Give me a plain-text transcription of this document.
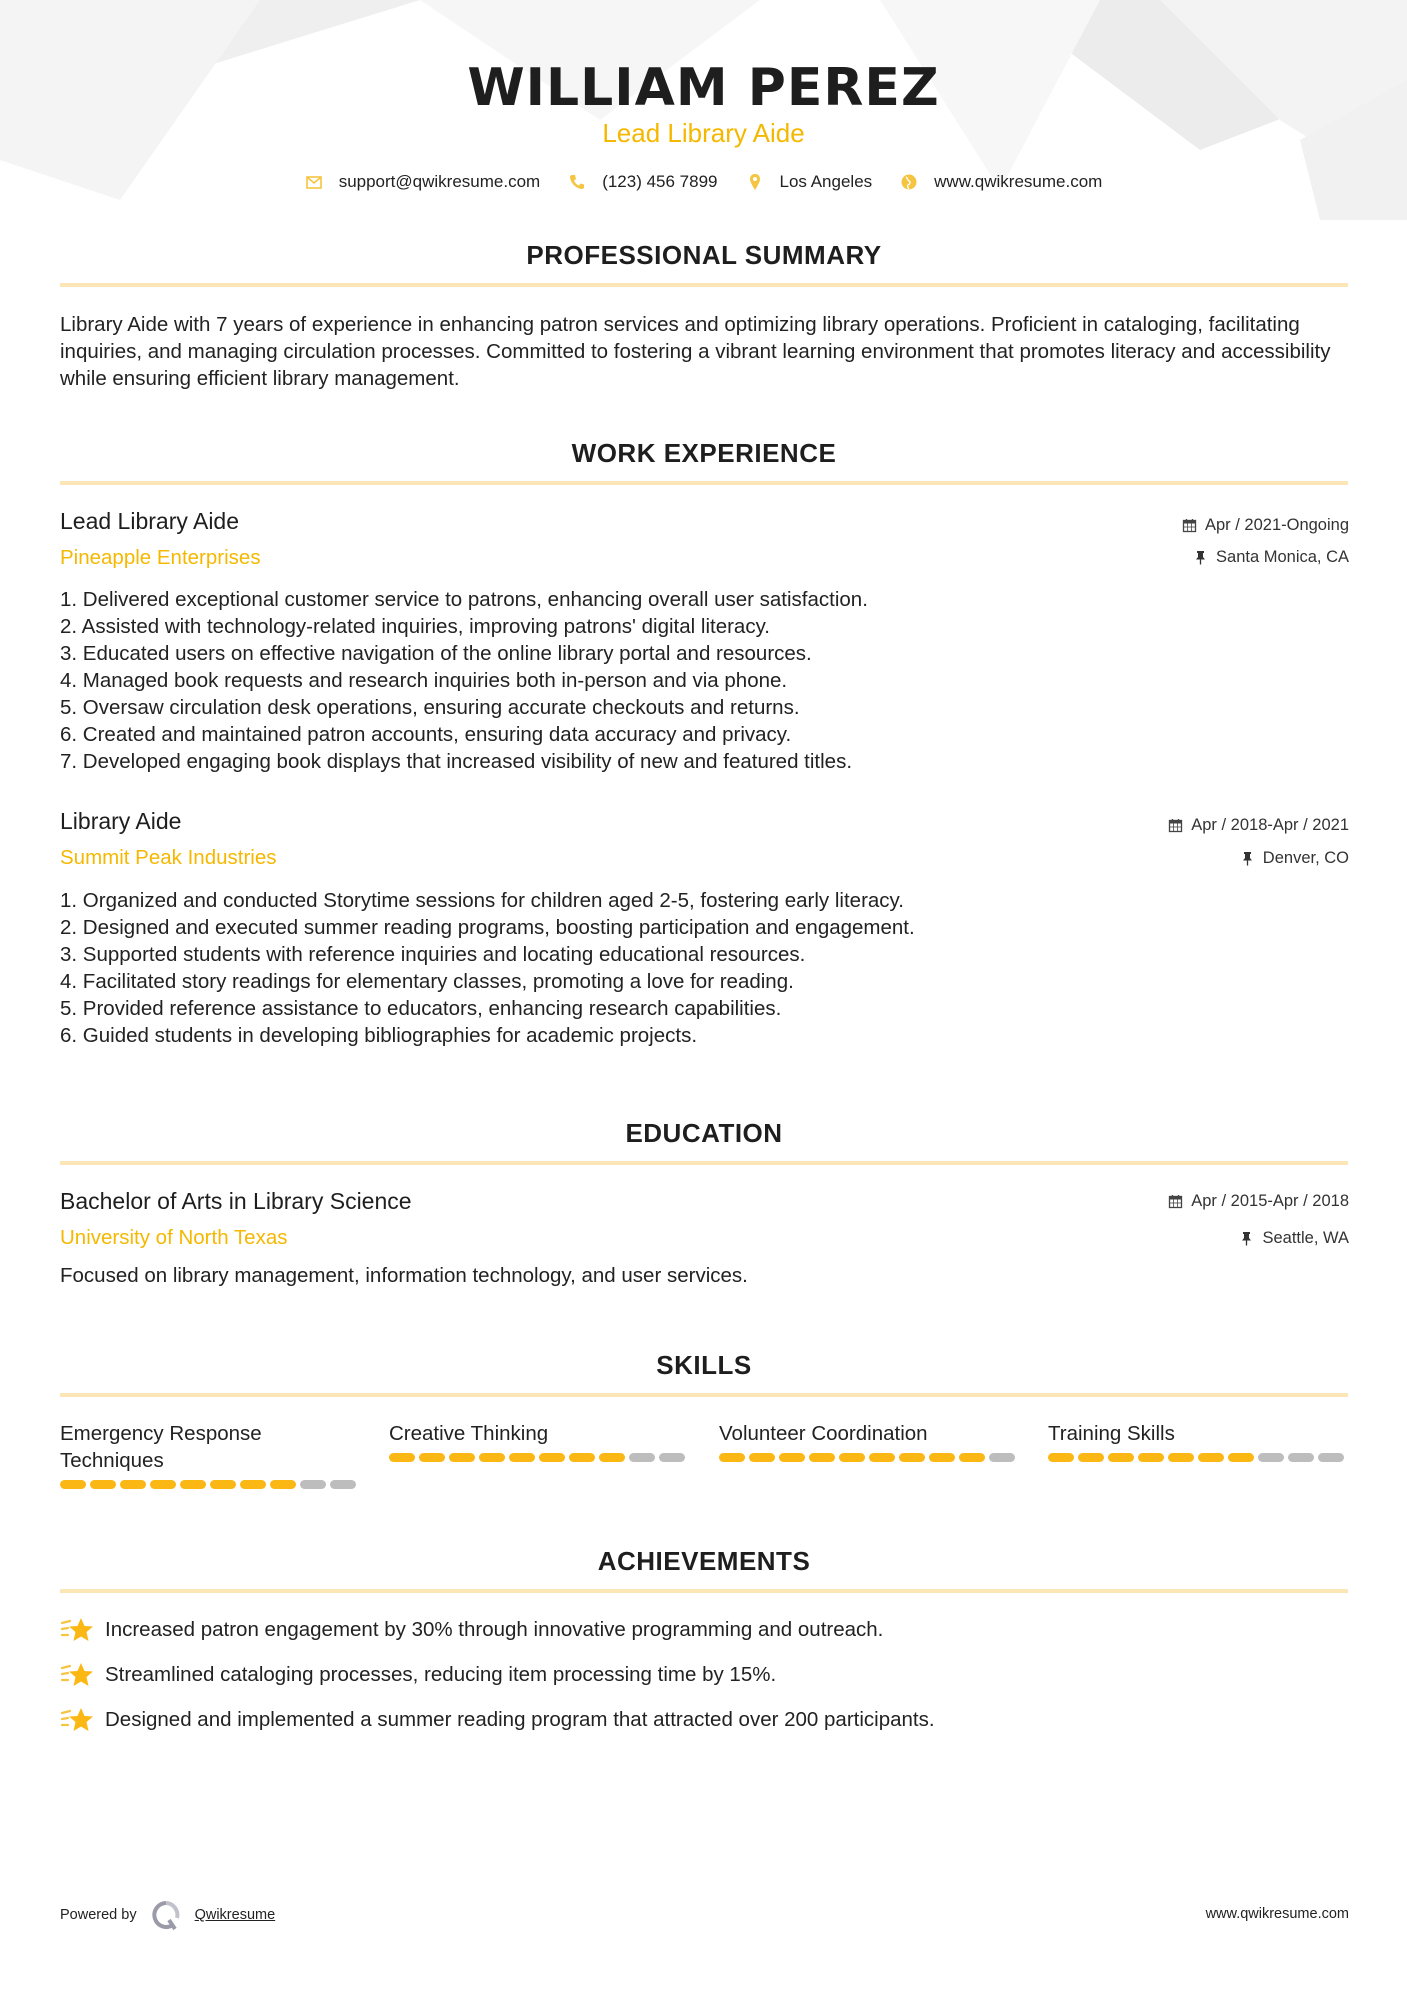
WILLIAM PEREZ
Lead Library Aide
support@qwikresume.com	(123) 456 7899	Los Angeles	www.qwikresume.com
PROFESSIONAL SUMMARY
Library Aide with 7 years of experience in enhancing patron services and optimizing library operations. Proficient in cataloging, facilitating inquiries, and managing circulation processes. Committed to fostering a vibrant learning environment that promotes literacy and accessibility while ensuring efficient library management.
WORK EXPERIENCE
Lead Library Aide
Pineapple Enterprises
Apr / 2021-Ongoing
Santa Monica, CA
1. Delivered exceptional customer service to patrons, enhancing overall user satisfaction.
2. Assisted with technology-related inquiries, improving patrons' digital literacy.
3. Educated users on effective navigation of the online library portal and resources.
4. Managed book requests and research inquiries both in-person and via phone.
5. Oversaw circulation desk operations, ensuring accurate checkouts and returns.
6. Created and maintained patron accounts, ensuring data accuracy and privacy.
7. Developed engaging book displays that increased visibility of new and featured titles.
Library Aide
Summit Peak Industries
Apr / 2018-Apr / 2021
Denver, CO
1. Organized and conducted Storytime sessions for children aged 2-5, fostering early literacy.
2. Designed and executed summer reading programs, boosting participation and engagement.
3. Supported students with reference inquiries and locating educational resources.
4. Facilitated story readings for elementary classes, promoting a love for reading.
5. Provided reference assistance to educators, enhancing research capabilities.
6. Guided students in developing bibliographies for academic projects.
EDUCATION
Bachelor of Arts in Library Science
University of North Texas
Apr / 2015-Apr / 2018
Seattle, WA
Focused on library management, information technology, and user services.
SKILLS
Emergency Response Techniques
Creative Thinking	Volunteer Coordination	Training Skills
ACHIEVEMENTS
Increased patron engagement by 30% through innovative programming and outreach.
Streamlined cataloging processes, reducing item processing time by 15%.
Designed and implemented a summer reading program that attracted over 200 participants.
Powered by	Qwikresume	www.qwikresume.com
